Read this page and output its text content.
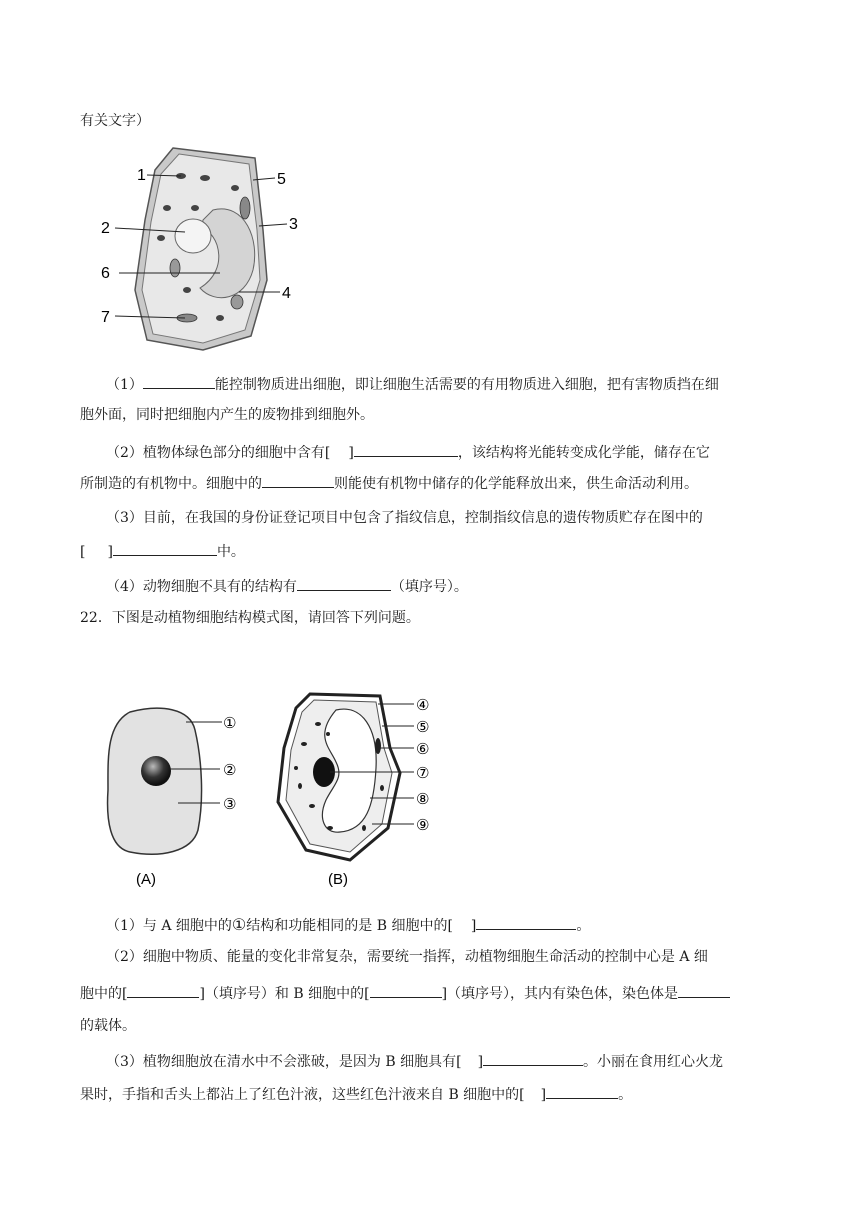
有关文字）

1
2	3
4
5
6
7

（1）	能控制物质进出细胞，即让细胞生活需要的有用物质进入细胞，把有害物质挡在细

胞外面，同时把细胞内产生的废物排到细胞外。

（2）植物体绿色部分的细胞中含有[ ]	，该结构将光能转变成化学能，储存在它

所制造的有机物中。细胞中的	则能使有机物中储存的化学能释放出来，供生命活动利用。

（3）目前，在我国的身份证登记项目中包含了指纹信息，控制指纹信息的遗传物质贮存在图中的

[ ]	中。

（4）动物细胞不具有的结构有	（填序号）。

22．下图是动植物细胞结构模式图，请回答下列问题。

①
②
③
(A)
④
⑤
⑥
⑦
⑧
⑨
(B)

（1）与 A 细胞中的①结构和功能相同的是 B 细胞中的[ ]	。

（2）细胞中物质、能量的变化非常复杂，需要统一指挥，动植物细胞生命活动的控制中心是 A 细

胞中的[	]（填序号）和 B 细胞中的[	]（填序号），其内有染色体，染色体是

的载体。

（3）植物细胞放在清水中不会涨破，是因为 B 细胞具有[ ]	。小丽在食用红心火龙

果时，手指和舌头上都沾上了红色汁液，这些红色汁液来自 B 细胞中的[ ]	。
